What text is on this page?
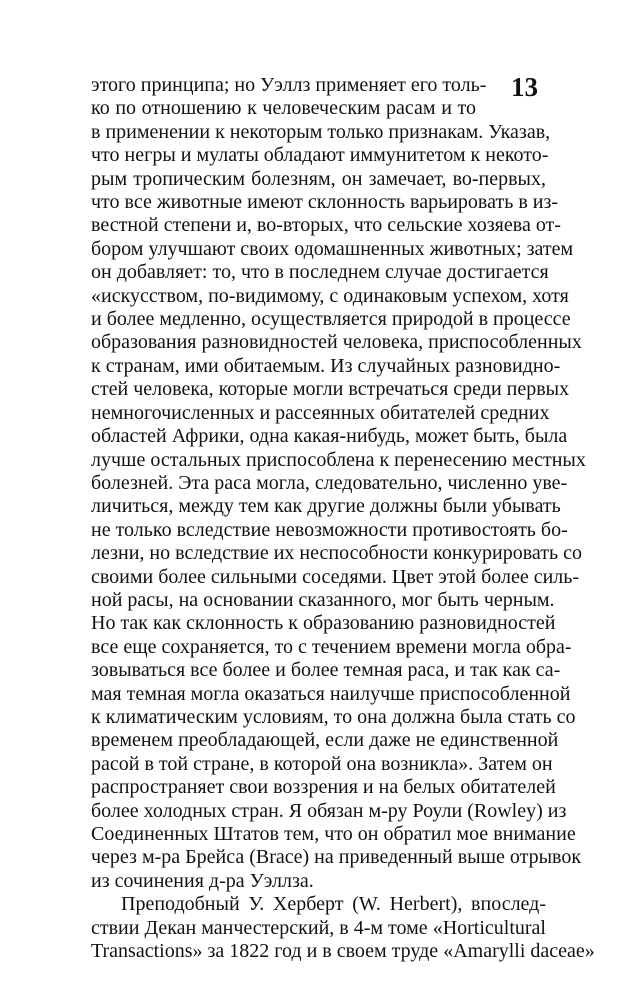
13
этого принципа; но Уэллз применяет его толь-
ко по отношению к человеческим расам и то
в применении к некоторым только признакам. Указав,
что негры и мулаты обладают иммунитетом к некото-
рым тропическим болезням, он замечает, во-первых,
что все животные имеют склонность варьировать в из-
вестной степени и, во-вторых, что сельские хозяева от-
бором улучшают своих одомашненных животных; затем
он добавляет: то, что в последнем случае достигается
«искусством, по-видимому, с одинаковым успехом, хотя
и более медленно, осуществляется природой в процессе
образования разновидностей человека, приспособленных
к странам, ими обитаемым. Из случайных разновидно-
стей человека, которые могли встречаться среди первых
немногочисленных и рассеянных обитателей средних
областей Африки, одна какая-нибудь, может быть, была
лучше остальных приспособлена к перенесению местных
болезней. Эта раса могла, следовательно, численно уве-
личиться, между тем как другие должны были убывать
не только вследствие невозможности противостоять бо-
лезни, но вследствие их неспособности конкурировать со
своими более сильными соседями. Цвет этой более силь-
ной расы, на основании сказанного, мог быть черным.
Но так как склонность к образованию разновидностей
все еще сохраняется, то с течением времени могла обра-
зовываться все более и более темная раса, и так как са-
мая темная могла оказаться наилучше приспособленной
к климатическим условиям, то она должна была стать со
временем преобладающей, если даже не единственной
расой в той стране, в которой она возникла». Затем он
распространяет свои воззрения и на белых обитателей
более холодных стран. Я обязан м-ру Роули (Rowley) из
Соединенных Штатов тем, что он обратил мое внимание
через м-ра Брейса (Brace) на приведенный выше отрывок
из сочинения д-ра Уэллза.
Преподобный У. Херберт (W. Herbert), впослед-
ствии Декан манчестерский, в 4-м томе «Horticultural
Transactions» за 1822 год и в своем труде «Amarylli daceae»
